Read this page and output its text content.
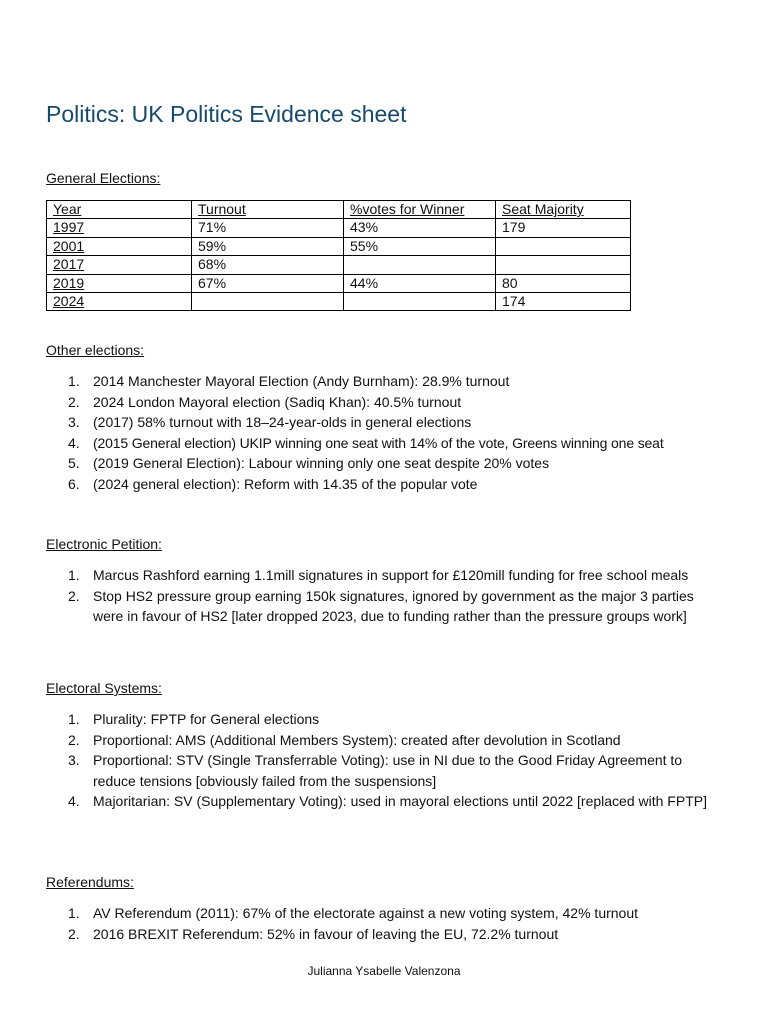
Politics: UK Politics Evidence sheet

General Elections:

Year	Turnout	%votes for Winner	Seat Majority
1997	71%	43%	179
2001	59%	55%	
2017	68%		
2019	67%	44%	80
2024			174

Other elections:

1. 2014 Manchester Mayoral Election (Andy Burnham): 28.9% turnout
2. 2024 London Mayoral election (Sadiq Khan): 40.5% turnout
3. (2017) 58% turnout with 18–24-year-olds in general elections
4. (2015 General election) UKIP winning one seat with 14% of the vote, Greens winning one seat
5. (2019 General Election): Labour winning only one seat despite 20% votes
6. (2024 general election): Reform with 14.35 of the popular vote

Electronic Petition:

1. Marcus Rashford earning 1.1mill signatures in support for £120mill funding for free school meals
2. Stop HS2 pressure group earning 150k signatures, ignored by government as the major 3 parties were in favour of HS2 [later dropped 2023, due to funding rather than the pressure groups work]

Electoral Systems:

1. Plurality: FPTP for General elections
2. Proportional: AMS (Additional Members System): created after devolution in Scotland
3. Proportional: STV (Single Transferrable Voting): use in NI due to the Good Friday Agreement to reduce tensions [obviously failed from the suspensions]
4. Majoritarian: SV (Supplementary Voting): used in mayoral elections until 2022 [replaced with FPTP]

Referendums:

1. AV Referendum (2011): 67% of the electorate against a new voting system, 42% turnout
2. 2016 BREXIT Referendum: 52% in favour of leaving the EU, 72.2% turnout
Julianna Ysabelle Valenzona
